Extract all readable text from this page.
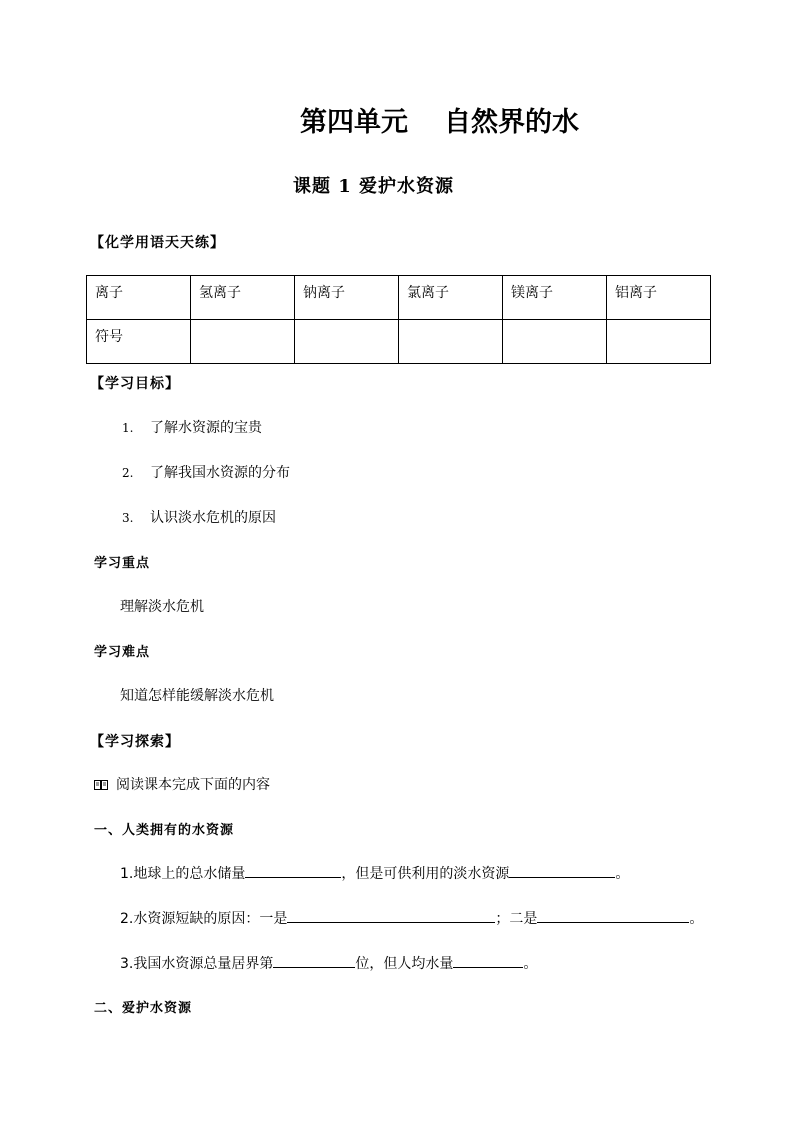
第四单元 自然界的水
课题 1 爱护水资源
【化学用语天天练】
离子	氢离子	钠离子	氯离子	镁离子	铝离子
符号					
【学习目标】
1. 了解水资源的宝贵
2. 了解我国水资源的分布
3. 认识淡水危机的原因
学习重点
理解淡水危机
学习难点
知道怎样能缓解淡水危机
【学习探索】
阅读课本完成下面的内容
一、人类拥有的水资源
1.地球上的总水储量	，但是可供利用的淡水资源	。
2.水资源短缺的原因：一是	；二是	。
3.我国水资源总量居界第	位，但人均水量	。
二、爱护水资源
